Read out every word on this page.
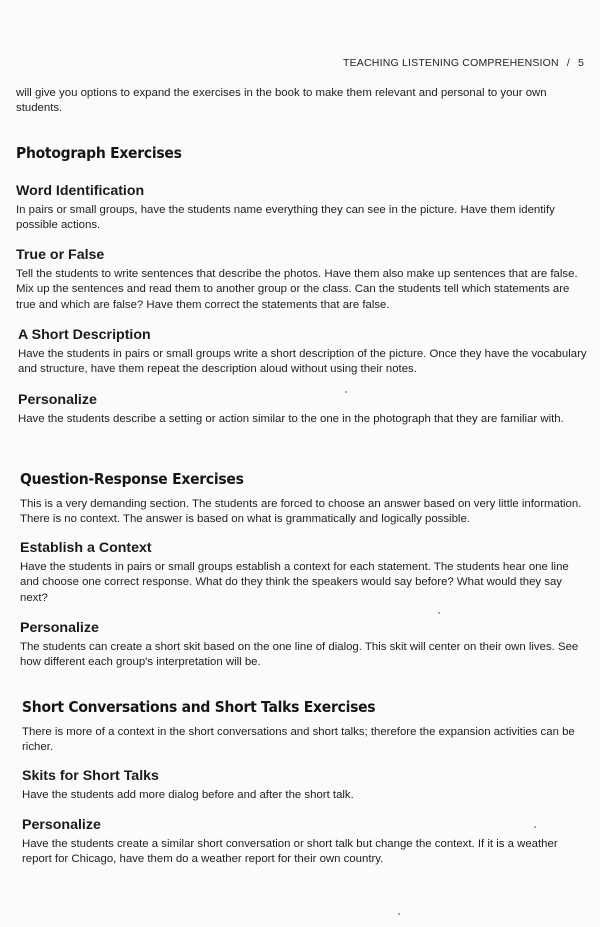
TEACHING LISTENING COMPREHENSION / 5

will give you options to expand the exercises in the book to make them relevant and personal to your own students.

Photograph Exercises
Word Identification

In pairs or small groups, have the students name everything they can see in the picture. Have them identify possible actions.

True or False

Tell the students to write sentences that describe the photos. Have them also make up sentences that are false. Mix up the sentences and read them to another group or the class. Can the students tell which statements are true and which are false? Have them correct the statements that are false.

A Short Description

Have the students in pairs or small groups write a short description of the picture. Once they have the vocabulary and structure, have them repeat the description aloud without using their notes.

Personalize

Have the students describe a setting or action similar to the one in the photograph that they are familiar with.

Question-Response Exercises

This is a very demanding section. The students are forced to choose an answer based on very little information. There is no context. The answer is based on what is grammatically and logically possible.

Establish a Context

Have the students in pairs or small groups establish a context for each statement. The students hear one line and choose one correct response. What do they think the speakers would say before? What would they say next?

Personalize

The students can create a short skit based on the one line of dialog. This skit will center on their own lives. See how different each group's interpretation will be.

Short Conversations and Short Talks Exercises

There is more of a context in the short conversations and short talks; therefore the expansion activities can be richer.

Skits for Short Talks

Have the students add more dialog before and after the short talk.

Personalize

Have the students create a similar short conversation or short talk but change the context. If it is a weather report for Chicago, have them do a weather report for their own country.
